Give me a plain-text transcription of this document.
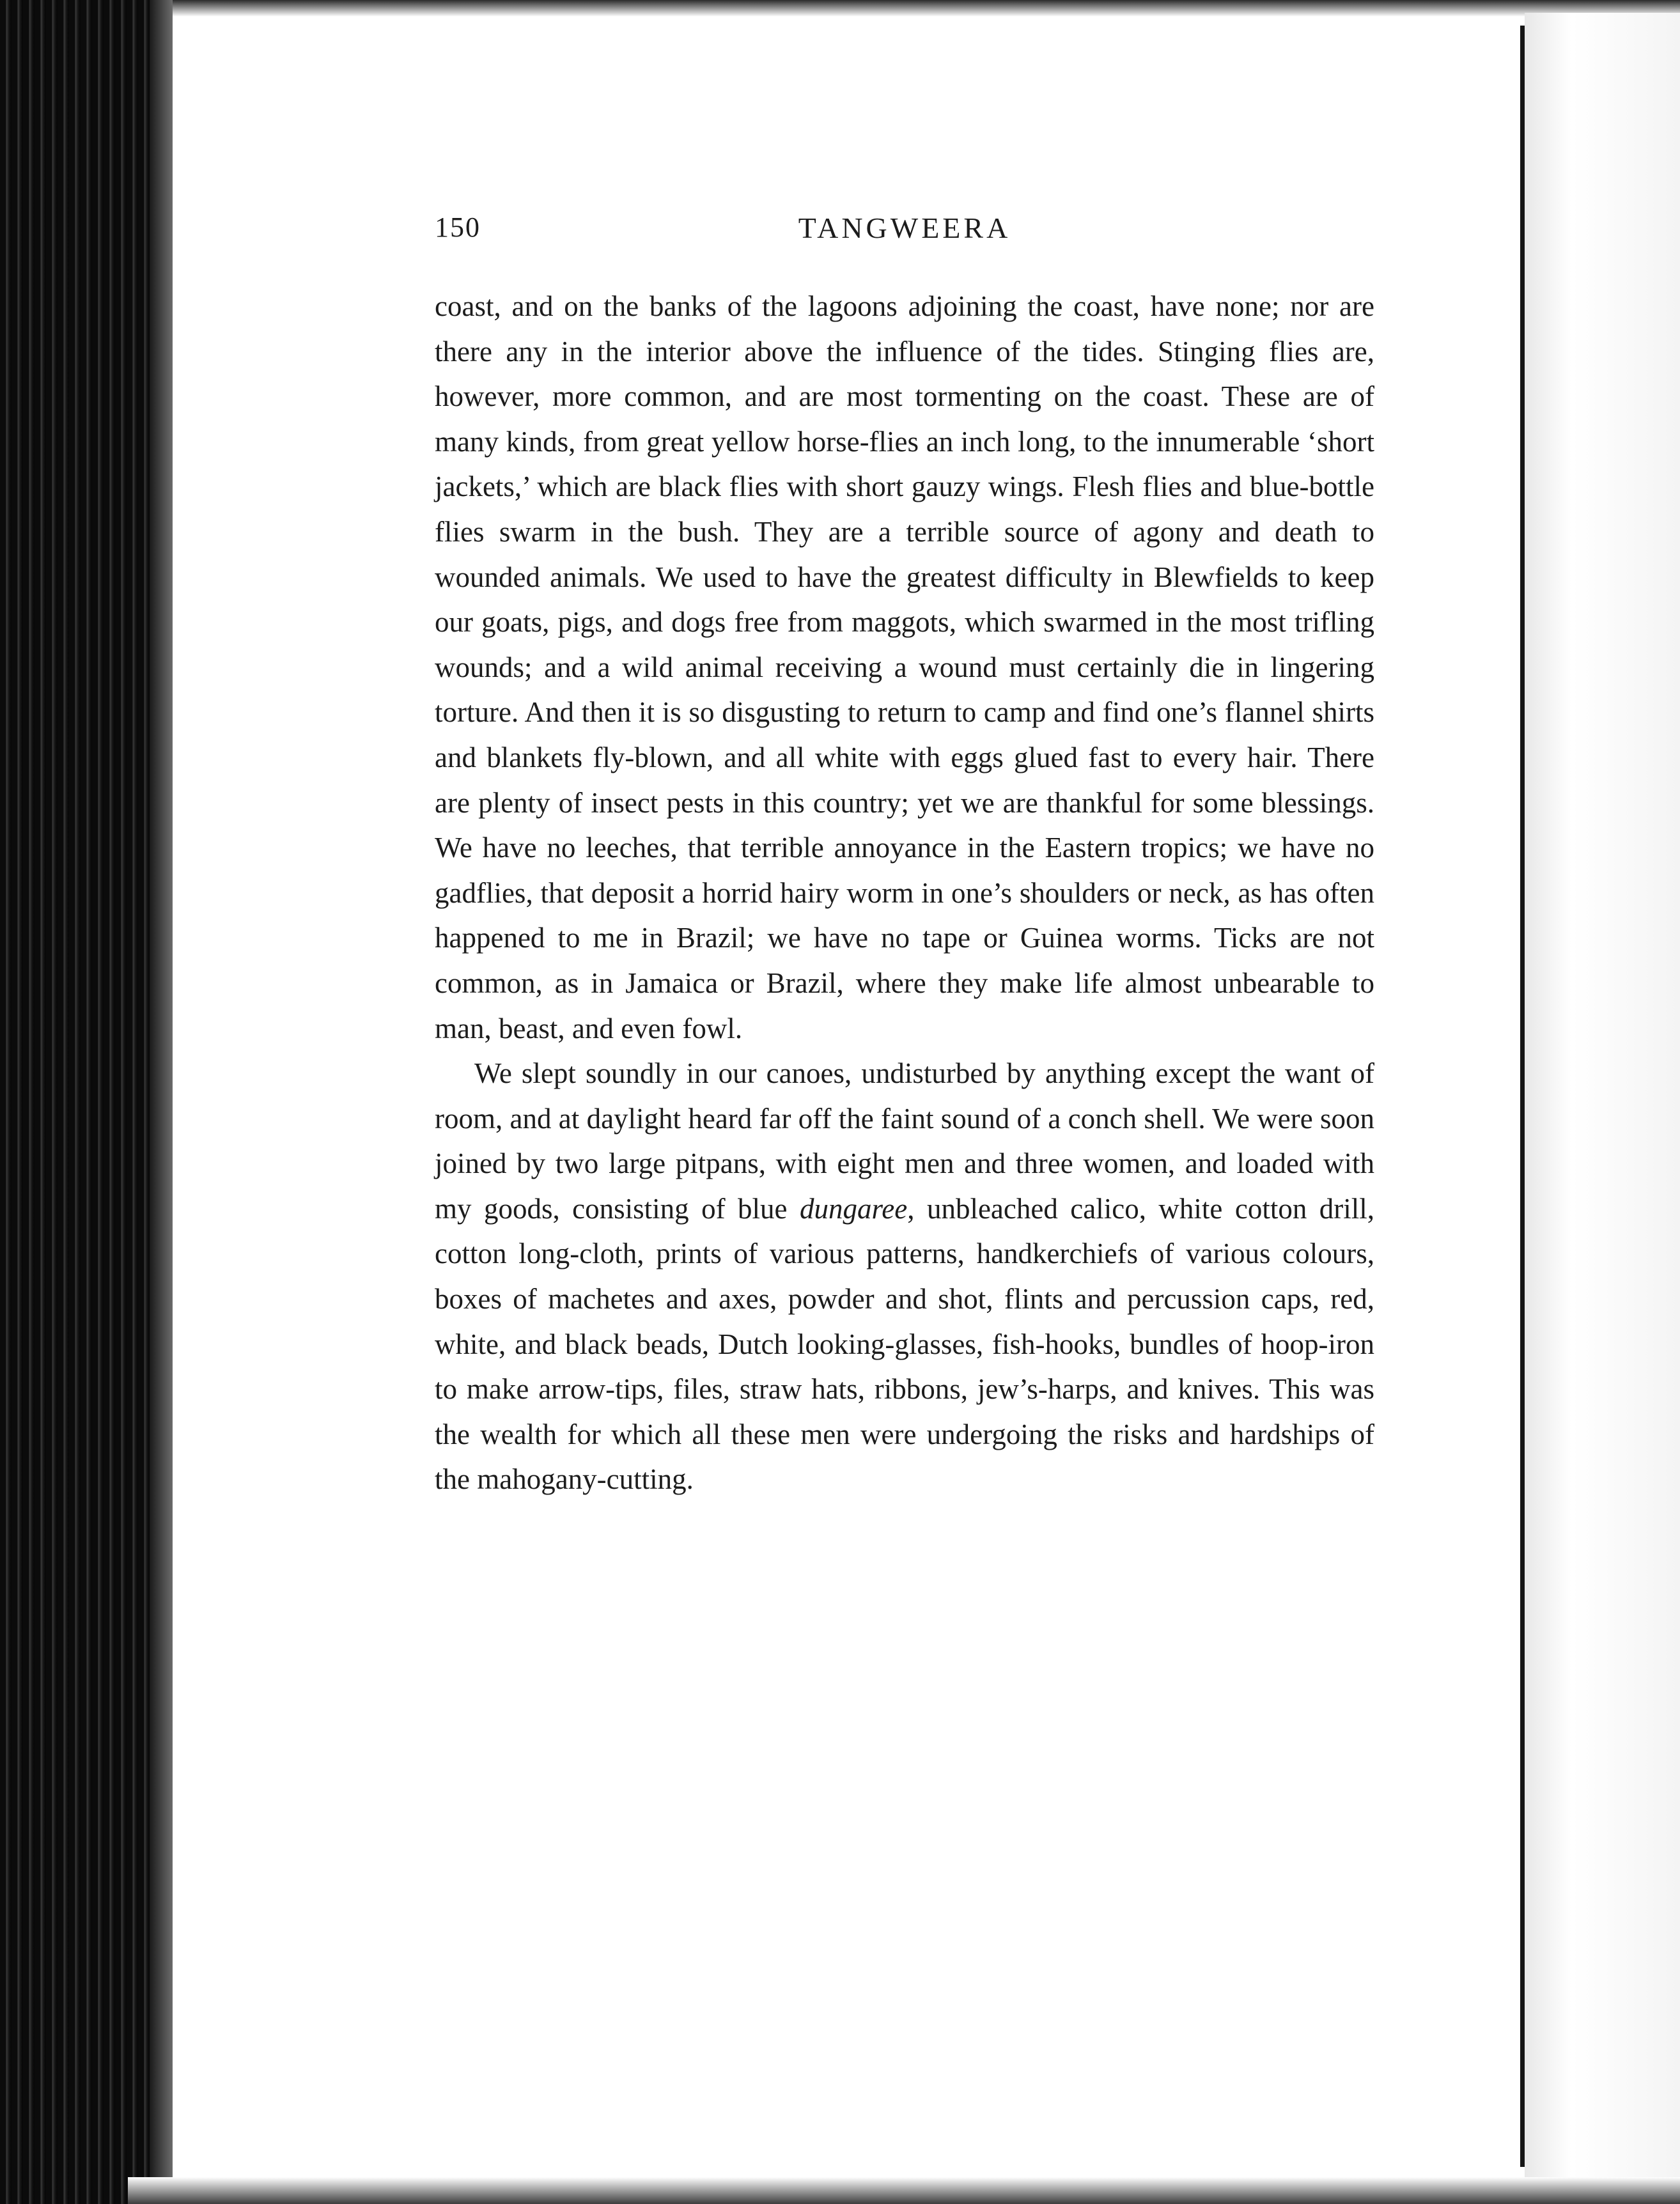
150	TANGWEERA

coast, and on the banks of the lagoons adjoining the coast, have none; nor are there any in the interior above the influence of the tides. Stinging flies are, however, more common, and are most tormenting on the coast. These are of many kinds, from great yellow horse-flies an inch long, to the innumerable ‘short jackets,’ which are black flies with short gauzy wings. Flesh flies and blue-bottle flies swarm in the bush. They are a terrible source of agony and death to wounded animals. We used to have the greatest difficulty in Blewfields to keep our goats, pigs, and dogs free from maggots, which swarmed in the most trifling wounds; and a wild animal receiving a wound must certainly die in lingering torture. And then it is so disgusting to return to camp and find one’s flannel shirts and blankets fly-blown, and all white with eggs glued fast to every hair. There are plenty of insect pests in this country; yet we are thankful for some blessings. We have no leeches, that terrible annoyance in the Eastern tropics; we have no gadflies, that deposit a horrid hairy worm in one’s shoulders or neck, as has often happened to me in Brazil; we have no tape or Guinea worms. Ticks are not common, as in Jamaica or Brazil, where they make life almost unbearable to man, beast, and even fowl.

We slept soundly in our canoes, undisturbed by anything except the want of room, and at daylight heard far off the faint sound of a conch shell. We were soon joined by two large pitpans, with eight men and three women, and loaded with my goods, consisting of blue dungaree, unbleached calico, white cotton drill, cotton long-cloth, prints of various patterns, handkerchiefs of various colours, boxes of machetes and axes, powder and shot, flints and percussion caps, red, white, and black beads, Dutch looking-glasses, fish-hooks, bundles of hoop-iron to make arrow-tips, files, straw hats, ribbons, jew’s-harps, and knives. This was the wealth for which all these men were undergoing the risks and hardships of the mahogany-cutting.
